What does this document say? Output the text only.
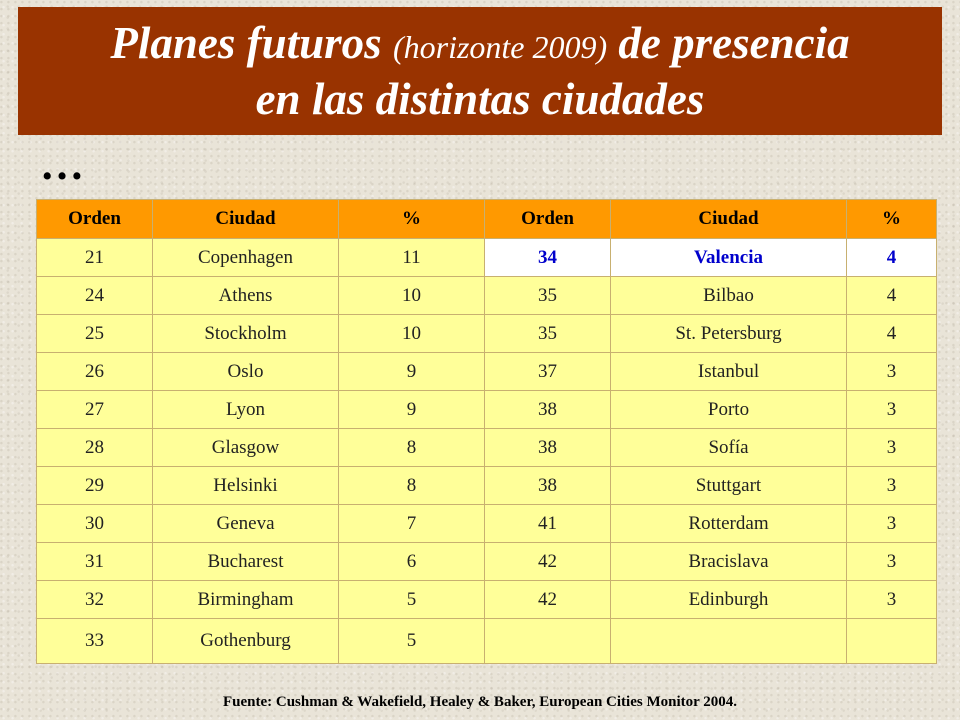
Planes futuros (horizonte 2009) de presencia
en las distintas ciudades
…
Orden	Ciudad	%	Orden	Ciudad	%
21	Copenhagen	11	34	Valencia	4
24	Athens	10	35	Bilbao	4
25	Stockholm	10	35	St. Petersburg	4
26	Oslo	9	37	Istanbul	3
27	Lyon	9	38	Porto	3
28	Glasgow	8	38	Sofía	3
29	Helsinki	8	38	Stuttgart	3
30	Geneva	7	41	Rotterdam	3
31	Bucharest	6	42	Bracislava	3
32	Birmingham	5	42	Edinburgh	3
33	Gothenburg	5			
Fuente: Cushman & Wakefield, Healey & Baker, European Cities Monitor 2004.
